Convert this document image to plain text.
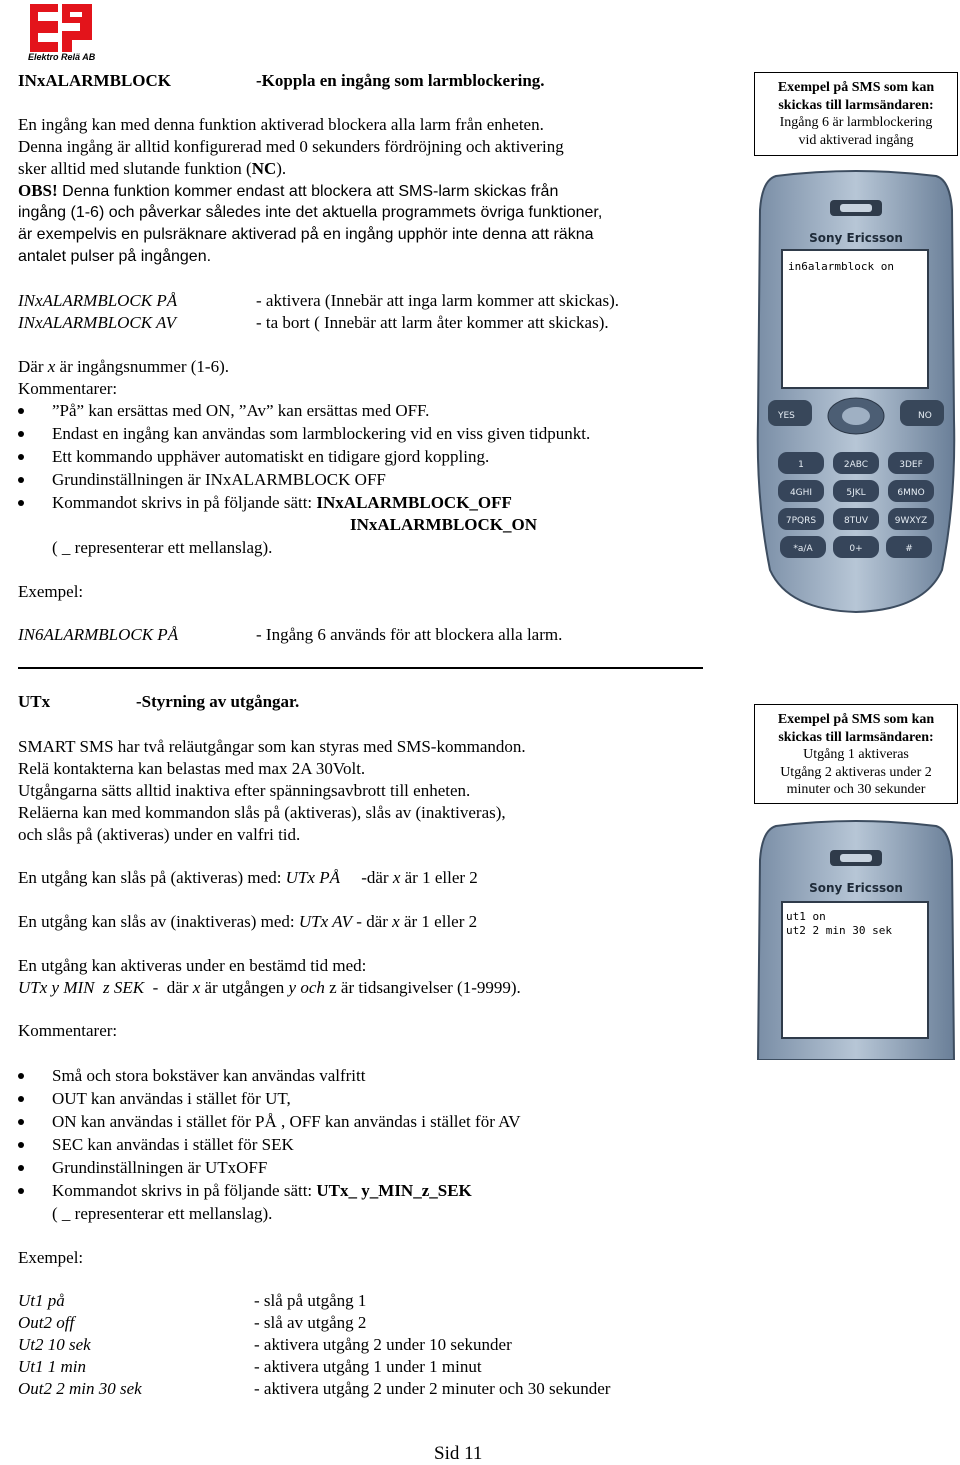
Elektro Relä AB
INxALARMBLOCK	-Koppla en ingång som larmblockering.
En ingång kan med denna funktion aktiverad blockera alla larm från enheten.
Denna ingång är alltid konfigurerad med 0 sekunders fördröjning och aktivering
sker alltid med slutande funktion (NC).
OBS! Denna funktion kommer endast att blockera att SMS-larm skickas från
ingång (1-6) och påverkar således inte det aktuella programmets övriga funktioner,
är exempelvis en pulsräknare aktiverad på en ingång upphör inte denna att räkna
antalet pulser på ingången.
INxALARMBLOCK PÅ	- aktivera (Innebär att inga larm kommer att skickas).
INxALARMBLOCK AV	- ta bort ( Innebär att larm åter kommer att skickas).
Där x är ingångsnummer (1-6).
Kommentarer:
”På” kan ersättas med ON, ”Av” kan ersättas med OFF.
Endast en ingång kan användas som larmblockering vid en viss given tidpunkt.
Ett kommando upphäver automatiskt en tidigare gjord koppling.
Grundinställningen är INxALARMBLOCK OFF
Kommandot skrivs in på följande sätt: INxALARMBLOCK_OFF
INxALARMBLOCK_ON
( _ representerar ett mellanslag).
Exempel:
IN6ALARMBLOCK PÅ	- Ingång 6 används för att blockera alla larm.
Exempel på SMS som kan
skickas till larmsändaren:
Ingång 6 är larmblockering
vid aktiverad ingång
Sony Ericsson
in6alarmblock on
YES	NO
1	2ABC	3DEF
4GHI	5JKL	6MNO
7PQRS	8TUV	9WXYZ
*a/A	0+	#
UTx	-Styrning av utgångar.
SMART SMS har två reläutgångar som kan styras med SMS-kommandon.
Relä kontakterna kan belastas med max 2A 30Volt.
Utgångarna sätts alltid inaktiva efter spänningsavbrott till enheten.
Reläerna kan med kommandon slås på (aktiveras), slås av (inaktiveras),
och slås på (aktiveras) under en valfri tid.
En utgång kan slås på (aktiveras) med: UTx PÅ     -där x är 1 eller 2
En utgång kan slås av (inaktiveras) med: UTx AV - där x är 1 eller 2
En utgång kan aktiveras under en bestämd tid med:
UTx y MIN  z SEK  -  där x är utgången y och z är tidsangivelser (1-9999).
Kommentarer:
Små och stora bokstäver kan användas valfritt
OUT kan användas i stället för UT,
ON kan användas i stället för PÅ , OFF kan användas i stället för AV
SEC kan användas i stället för SEK
Grundinställningen är UTxOFF
Kommandot skrivs in på följande sätt: UTx_ y_MIN_z_SEK
( _ representerar ett mellanslag).
Exempel:
Ut1 på	- slå på utgång 1
Out2 off	- slå av utgång 2
Ut2 10 sek	- aktivera utgång 2 under 10 sekunder
Ut1 1 min	- aktivera utgång 1 under 1 minut
Out2 2 min 30 sek	- aktivera utgång 2 under 2 minuter och 30 sekunder
Exempel på SMS som kan
skickas till larmsändaren:
Utgång 1 aktiveras
Utgång 2 aktiveras under 2
minuter och 30 sekunder
Sony Ericsson
ut1 on
ut2 2 min 30 sek
Sid 11
